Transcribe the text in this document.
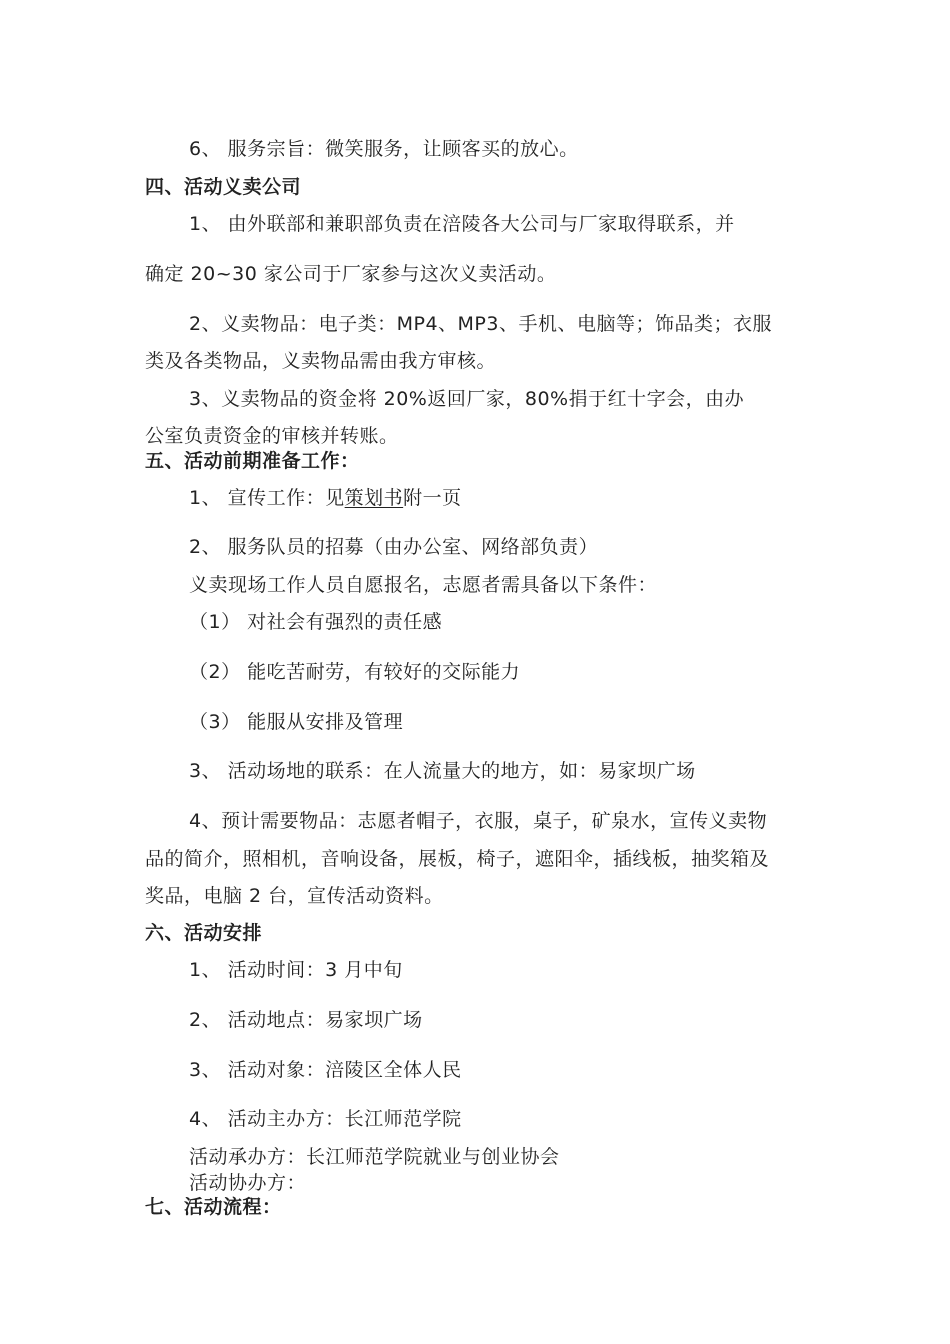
6、 服务宗旨：微笑服务，让顾客买的放心。
四、活动义卖公司
1、 由外联部和兼职部负责在涪陵各大公司与厂家取得联系，并
确定 20~30 家公司于厂家参与这次义卖活动。
2、义卖物品：电子类：MP4、MP3、手机、电脑等；饰品类；衣服
类及各类物品，义卖物品需由我方审核。
3、义卖物品的资金将 20%返回厂家，80%捐于红十字会，由办
公室负责资金的审核并转账。
五、活动前期准备工作：
1、 宣传工作：见策划书附一页
2、 服务队员的招募（由办公室、网络部负责）
义卖现场工作人员自愿报名，志愿者需具备以下条件：
（1） 对社会有强烈的责任感
（2） 能吃苦耐劳，有较好的交际能力
（3） 能服从安排及管理
3、 活动场地的联系：在人流量大的地方，如：易家坝广场
4、预计需要物品：志愿者帽子，衣服，桌子，矿泉水，宣传义卖物
品的简介，照相机，音响设备，展板，椅子，遮阳伞，插线板，抽奖箱及
奖品，电脑 2 台，宣传活动资料。
六、活动安排
1、 活动时间：3 月中旬
2、 活动地点：易家坝广场
3、 活动对象：涪陵区全体人民
4、 活动主办方：长江师范学院
活动承办方：长江师范学院就业与创业协会
活动协办方：
七、活动流程：
